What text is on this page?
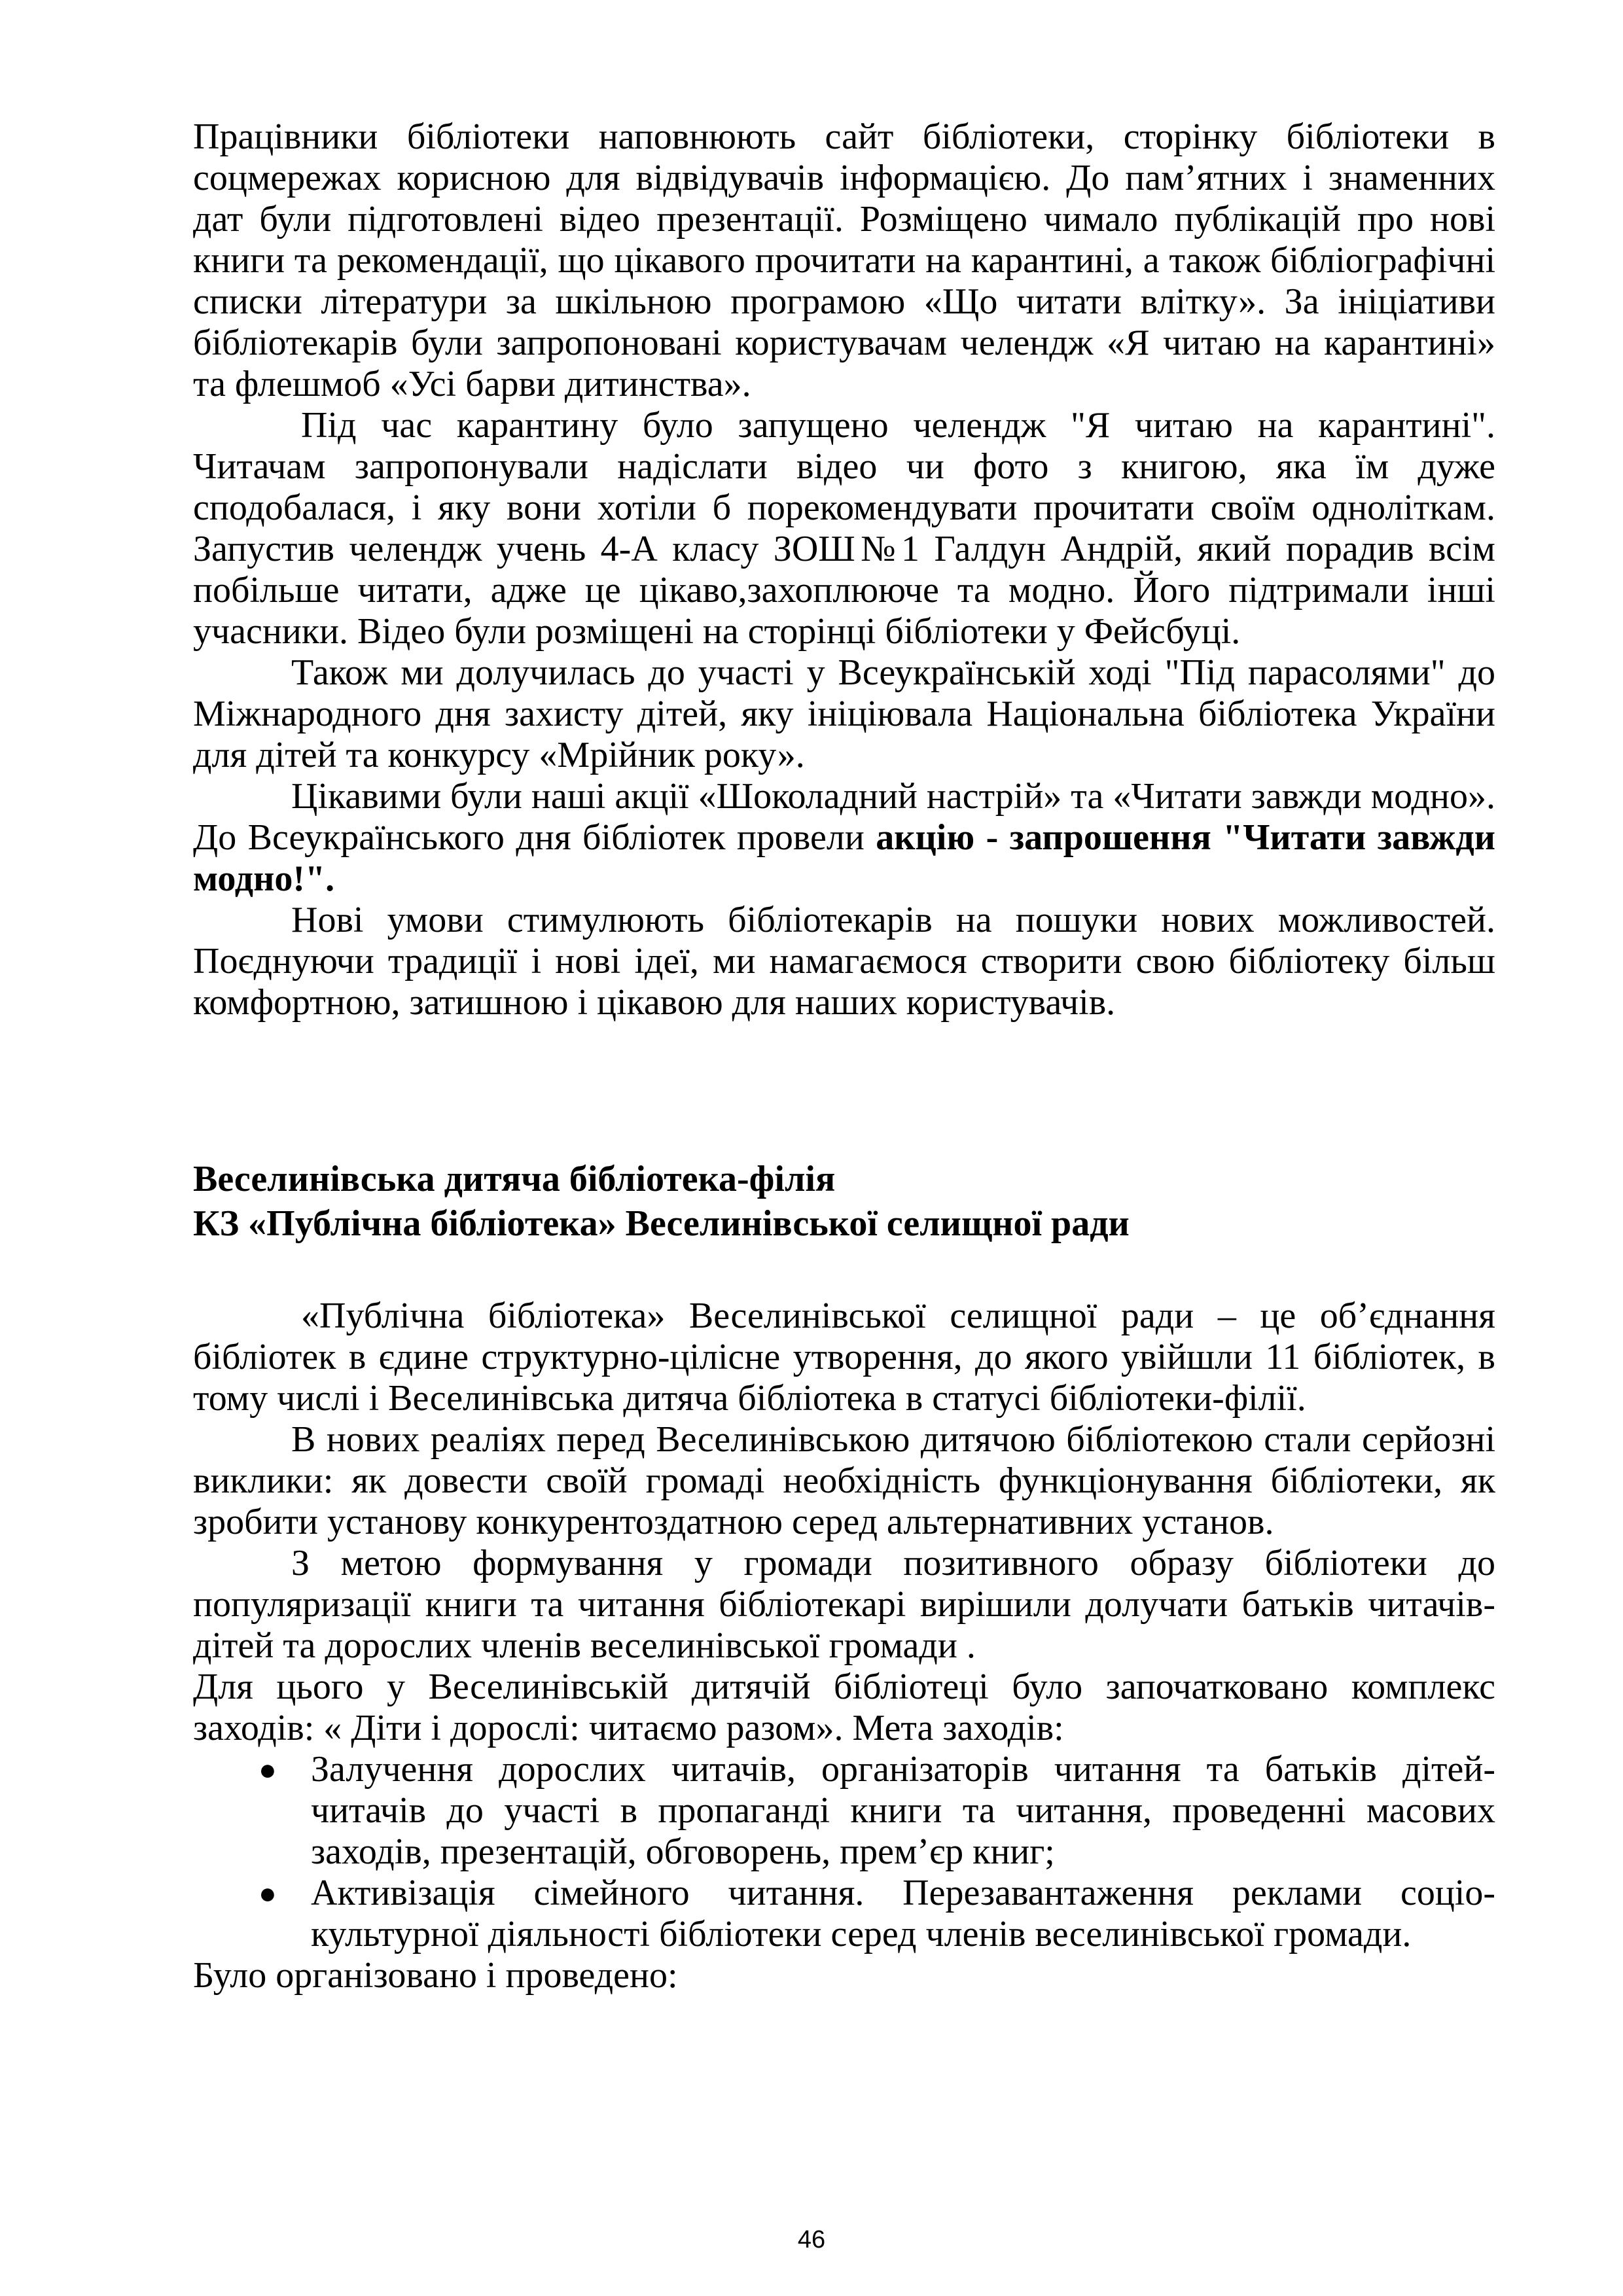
Працівники бібліотеки наповнюють сайт бібліотеки, сторінку бібліотеки в соцмережах корисною для відвідувачів інформацією. До пам’ятних і знаменних дат були підготовлені відео презентації. Розміщено чимало публікацій про нові книги та рекомендації, що цікавого прочитати на карантині, а також бібліографічні списки літератури за шкільною програмою «Що читати влітку». За ініціативи бібліотекарів були запропоновані користувачам челендж «Я читаю на карантині» та флешмоб «Усі барви дитинства».

Під час карантину було запущено челендж "Я читаю на карантині". Читачам запропонували надіслати відео чи фото з книгою, яка їм дуже сподобалася, і яку вони хотіли б порекомендувати прочитати своїм одноліткам. Запустив челендж учень 4-А класу ЗОШ№1 Галдун Андрій, який порадив всім побільше читати, адже це цікаво,захоплююче та модно. Його підтримали інші учасники. Відео були розміщені на сторінці бібліотеки у Фейсбуці.

Також ми долучилась до участі у Всеукраїнській ході "Під парасолями" до Міжнародного дня захисту дітей, яку ініціювала Національна бібліотека України для дітей та конкурсу «Мрійник року».

Цікавими були наші акції «Шоколадний настрій» та «Читати завжди модно». До Всеукраїнського дня бібліотек провели акцію - запрошення "Читати завжди модно!".

Нові умови стимулюють бібліотекарів на пошуки нових можливостей. Поєднуючи традиції і нові ідеї, ми намагаємося створити свою бібліотеку більш комфортною, затишною і цікавою для наших користувачів.

Веселинівська дитяча бібліотека-філія

КЗ «Публічна бібліотека» Веселинівської селищної ради

«Публічна бібліотека» Веселинівської селищної ради – це об’єднання бібліотек в єдине структурно-цілісне утворення, до якого увійшли 11 бібліотек, в тому числі і Веселинівська дитяча бібліотека в статусі бібліотеки-філії.

В нових реаліях перед Веселинівською дитячою бібліотекою стали серйозні виклики: як довести своїй громаді необхідність функціонування бібліотеки, як зробити установу конкурентоздатною серед альтернативних установ.

З метою формування у громади позитивного образу бібліотеки до популяризації книги та читання бібліотекарі вирішили долучати батьків читачів-дітей та дорослих членів веселинівської громади .

Для цього у Веселинівській дитячій бібліотеці було започатковано комплекс заходів: « Діти і дорослі: читаємо разом». Мета заходів:

● Залучення дорослих читачів, організаторів читання та батьків дітей-читачів до участі в пропаганді книги та читання, проведенні масових заходів, презентацій, обговорень, прем’єр книг;
● Активізація сімейного читання. Перезавантаження реклами соціо-культурної діяльності бібліотеки серед членів веселинівської громади.

Було організовано і проведено:

46
